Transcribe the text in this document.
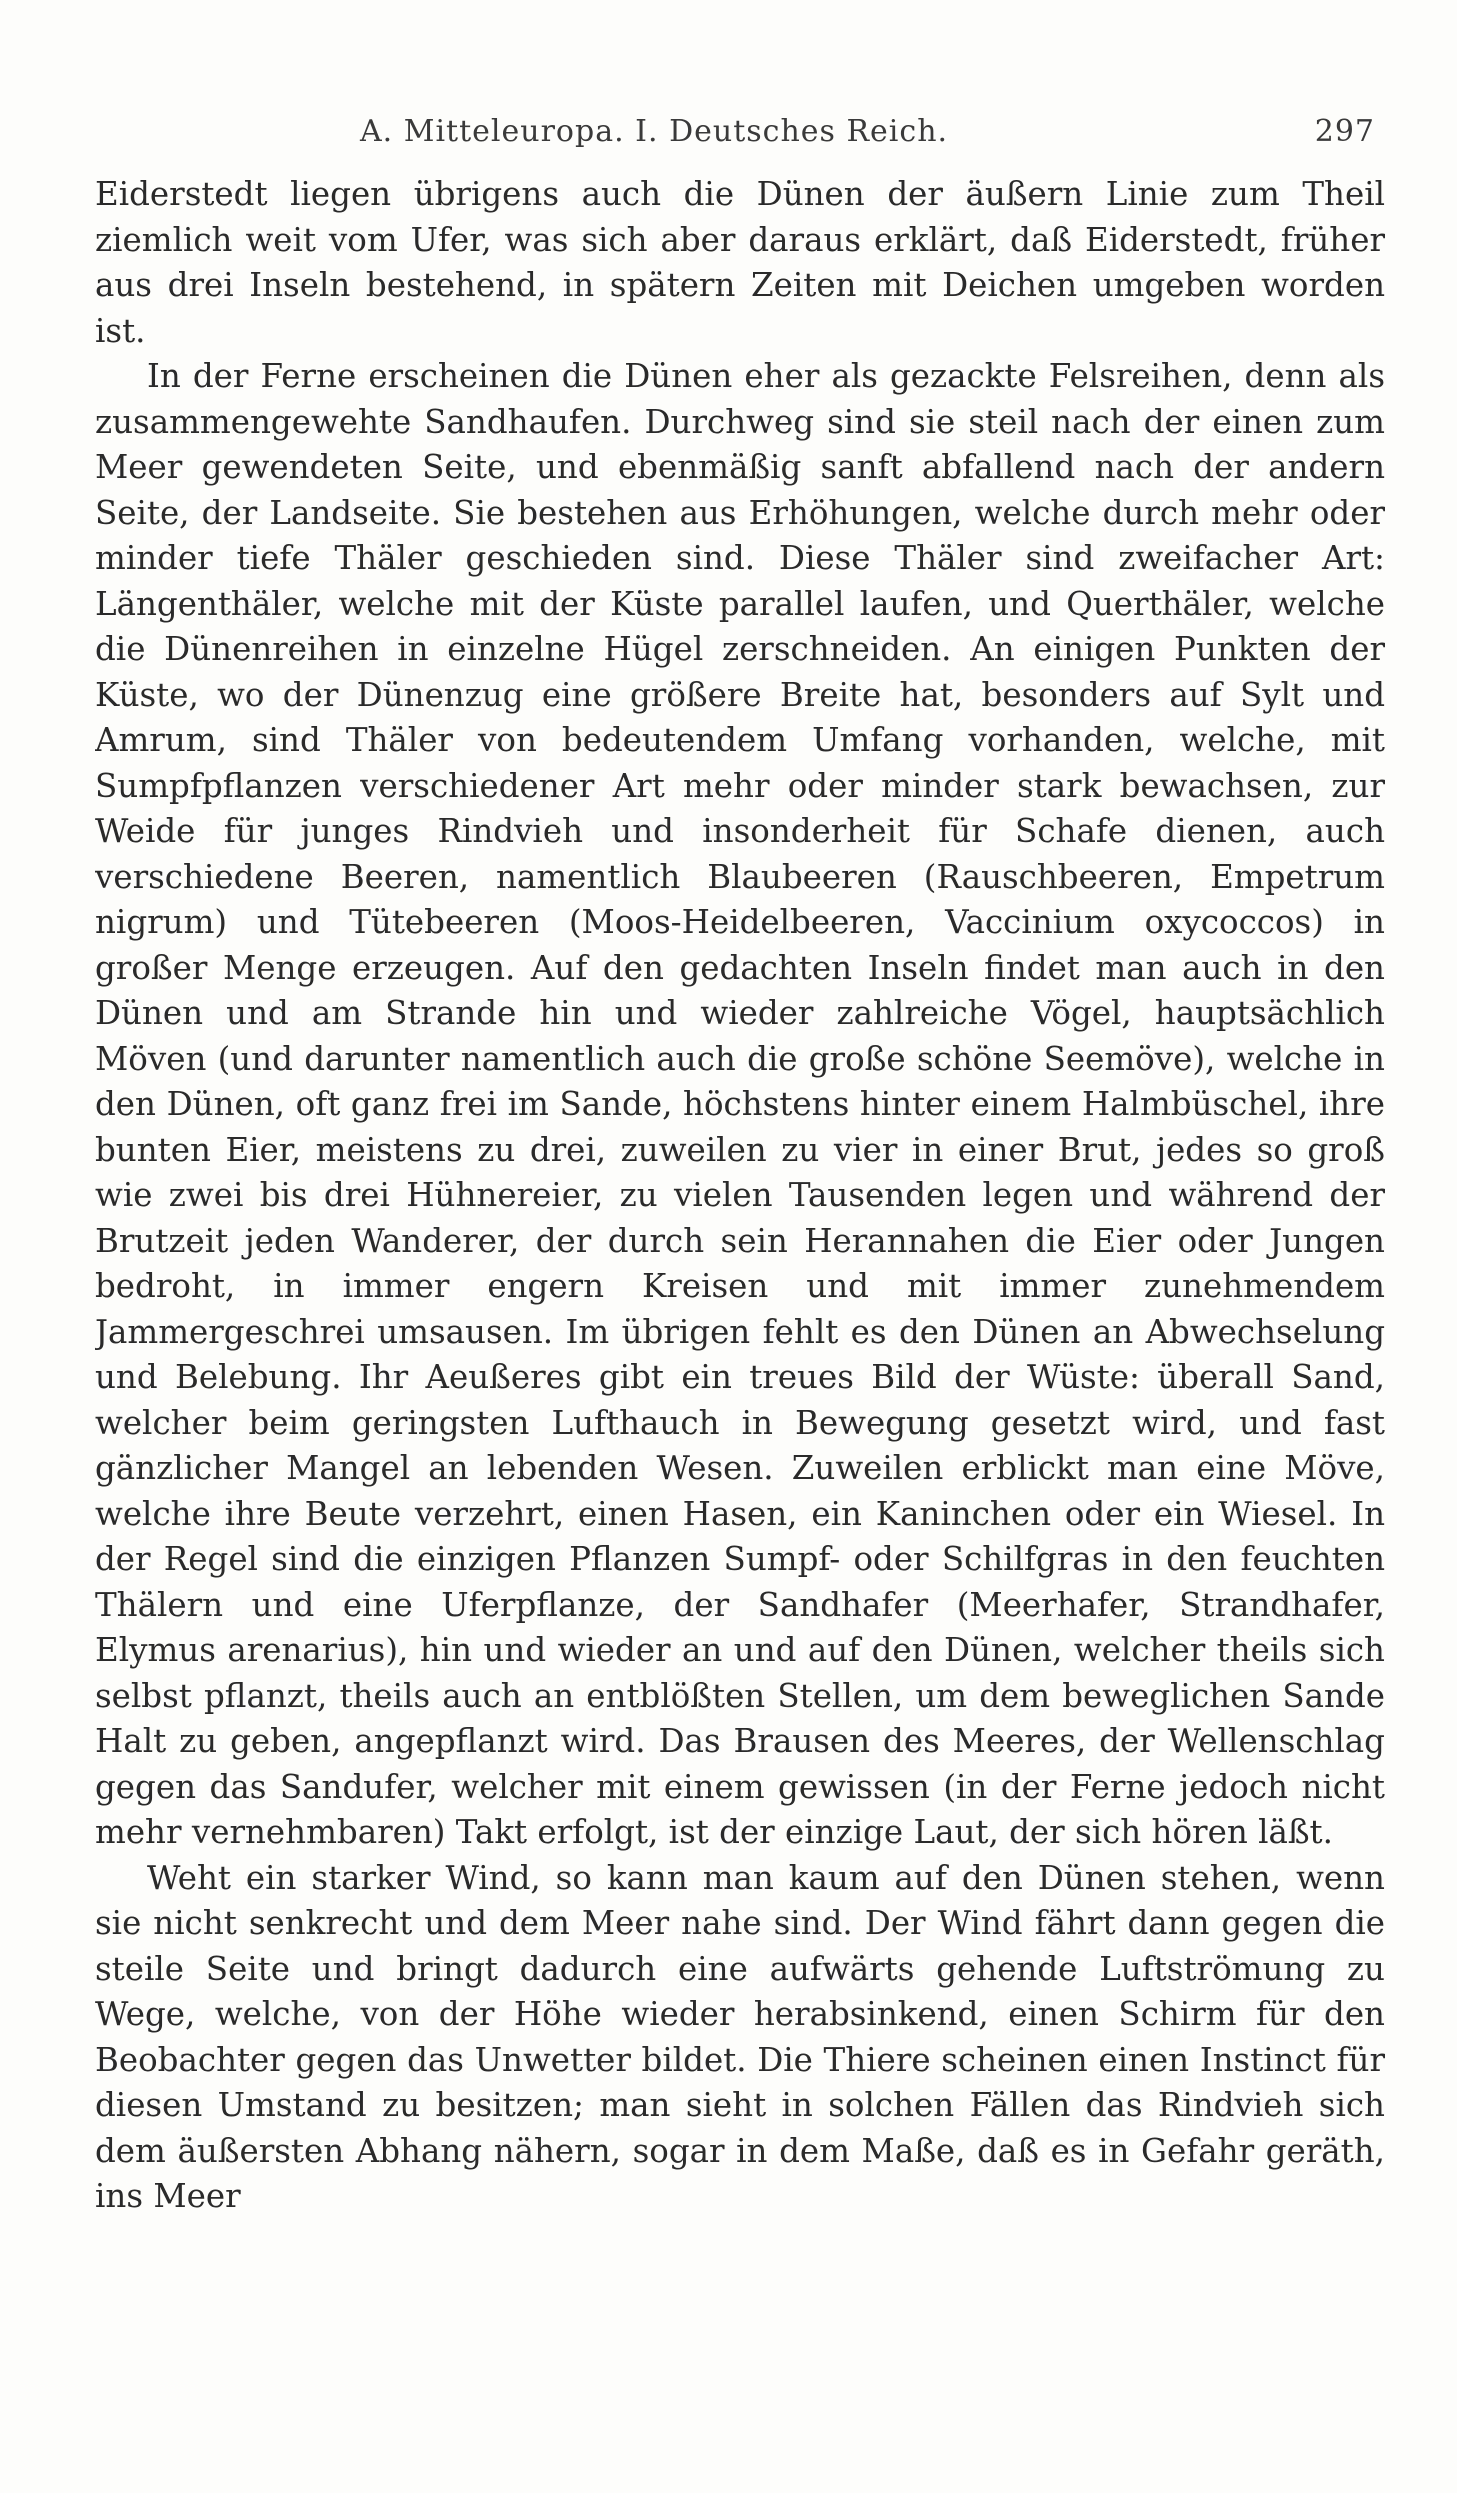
A. Mitteleuropa. I. Deutsches Reich.	297

Eiderstedt liegen übrigens auch die Dünen der äußern Linie zum Theil ziemlich weit vom Ufer, was sich aber daraus erklärt, daß Eiderstedt, früher aus drei Inseln bestehend, in spätern Zeiten mit Deichen umgeben worden ist.

In der Ferne erscheinen die Dünen eher als gezackte Felsreihen, denn als zusammengewehte Sandhaufen. Durchweg sind sie steil nach der einen zum Meer gewendeten Seite, und ebenmäßig sanft abfallend nach der andern Seite, der Landseite. Sie bestehen aus Erhöhungen, welche durch mehr oder minder tiefe Thäler geschieden sind. Diese Thäler sind zweifacher Art: Längenthäler, welche mit der Küste parallel laufen, und Querthäler, welche die Dünenreihen in einzelne Hügel zerschneiden. An einigen Punkten der Küste, wo der Dünenzug eine größere Breite hat, besonders auf Sylt und Amrum, sind Thäler von bedeutendem Umfang vorhanden, welche, mit Sumpfpflanzen verschiedener Art mehr oder minder stark bewachsen, zur Weide für junges Rindvieh und insonderheit für Schafe dienen, auch verschiedene Beeren, namentlich Blaubeeren (Rauschbeeren, Empetrum nigrum) und Tütebeeren (Moos-Heidelbeeren, Vaccinium oxycoccos) in großer Menge erzeugen. Auf den gedachten Inseln findet man auch in den Dünen und am Strande hin und wieder zahlreiche Vögel, hauptsächlich Möven (und darunter namentlich auch die große schöne Seemöve), welche in den Dünen, oft ganz frei im Sande, höchstens hinter einem Halmbüschel, ihre bunten Eier, meistens zu drei, zuweilen zu vier in einer Brut, jedes so groß wie zwei bis drei Hühnereier, zu vielen Tausenden legen und während der Brutzeit jeden Wanderer, der durch sein Herannahen die Eier oder Jungen bedroht, in immer engern Kreisen und mit immer zunehmendem Jammergeschrei umsausen. Im übrigen fehlt es den Dünen an Abwechselung und Belebung. Ihr Aeußeres gibt ein treues Bild der Wüste: überall Sand, welcher beim geringsten Lufthauch in Bewegung gesetzt wird, und fast gänzlicher Mangel an lebenden Wesen. Zuweilen erblickt man eine Möve, welche ihre Beute verzehrt, einen Hasen, ein Kaninchen oder ein Wiesel. In der Regel sind die einzigen Pflanzen Sumpf- oder Schilfgras in den feuchten Thälern und eine Uferpflanze, der Sandhafer (Meerhafer, Strandhafer, Elymus arenarius), hin und wieder an und auf den Dünen, welcher theils sich selbst pflanzt, theils auch an entblößten Stellen, um dem beweglichen Sande Halt zu geben, angepflanzt wird. Das Brausen des Meeres, der Wellenschlag gegen das Sandufer, welcher mit einem gewissen (in der Ferne jedoch nicht mehr vernehmbaren) Takt erfolgt, ist der einzige Laut, der sich hören läßt.

Weht ein starker Wind, so kann man kaum auf den Dünen stehen, wenn sie nicht senkrecht und dem Meer nahe sind. Der Wind fährt dann gegen die steile Seite und bringt dadurch eine aufwärts gehende Luftströmung zu Wege, welche, von der Höhe wieder herabsinkend, einen Schirm für den Beobachter gegen das Unwetter bildet. Die Thiere scheinen einen Instinct für diesen Umstand zu besitzen; man sieht in solchen Fällen das Rindvieh sich dem äußersten Abhang nähern, sogar in dem Maße, daß es in Gefahr geräth, ins Meer
